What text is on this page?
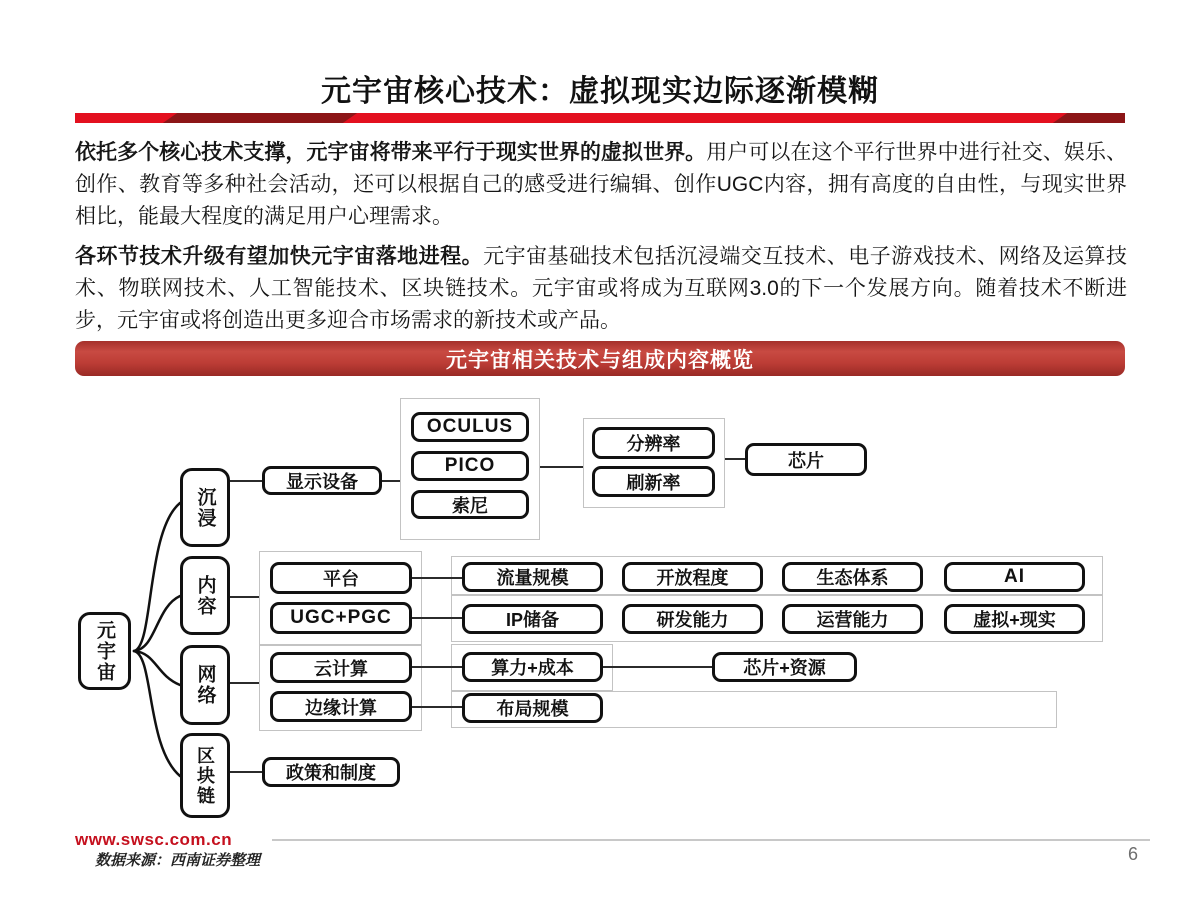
元宇宙核心技术：虚拟现实边际逐渐模糊
依托多个核心技术支撑，元宇宙将带来平行于现实世界的虚拟世界。用户可以在这个平行世界中进行社交、娱乐、创作、教育等多种社会活动，还可以根据自己的感受进行编辑、创作UGC内容，拥有高度的自由性，与现实世界相比，能最大程度的满足用户心理需求。
各环节技术升级有望加快元宇宙落地进程。元宇宙基础技术包括沉浸端交互技术、电子游戏技术、网络及运算技术、物联网技术、人工智能技术、区块链技术。元宇宙或将成为互联网3.0的下一个发展方向。随着技术不断进步，元宇宙或将创造出更多迎合市场需求的新技术或产品。
元宇宙相关技术与组成内容概览
元宇宙
沉浸
内容
网络
区块链
显示设备
OCULUS
PICO
索尼
分辨率
刷新率
芯片
平台
UGC+PGC
流量规模	开放程度	生态体系	AI
IP储备	研发能力	运营能力	虚拟+现实
云计算
边缘计算
算力+成本	芯片+资源
布局规模
政策和制度
www.swsc.com.cn
数据来源：西南证券整理	6
